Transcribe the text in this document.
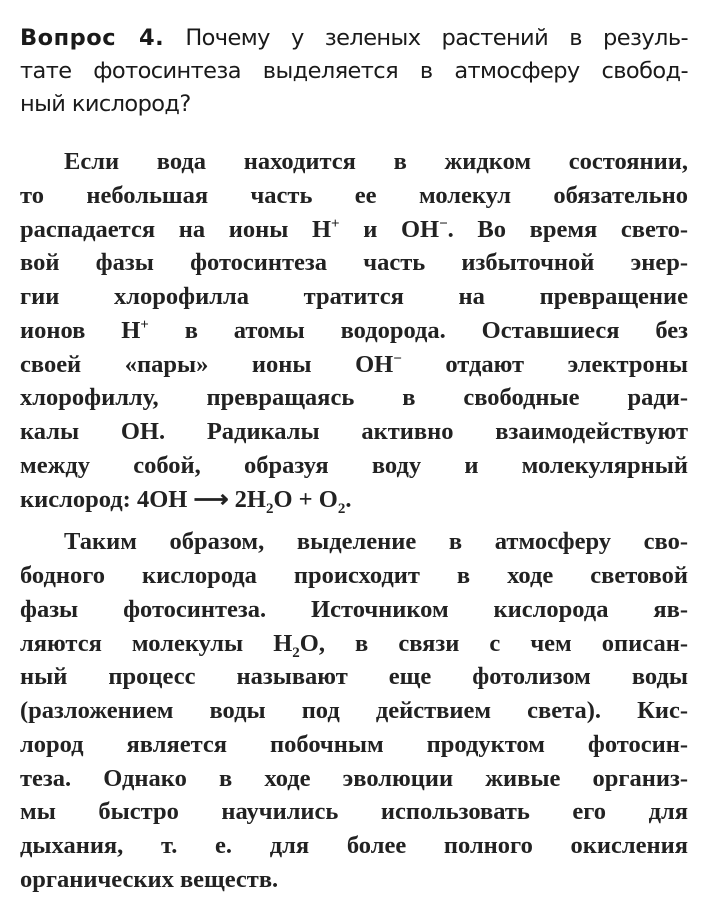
Вопрос 4. Почему у зеленых растений в резуль-
тате фотосинтеза выделяется в атмосферу свобод-
ный кислород?
Если вода находится в жидком состоянии,
то небольшая часть ее молекул обязательно
распадается на ионы H+ и OH−. Во время свето-
вой фазы фотосинтеза часть избыточной энер-
гии хлорофилла тратится на превращение
ионов H+ в атомы водорода. Оставшиеся без
своей «пары» ионы OH− отдают электроны
хлорофиллу, превращаясь в свободные ради-
калы OH. Радикалы активно взаимодействуют
между собой, образуя воду и молекулярный
кислород: 4OH ⟶ $2H_2O + O_2$.
Таким образом, выделение в атмосферу сво-
бодного кислорода происходит в ходе световой
фазы фотосинтеза. Источником кислорода яв-
ляются молекулы $H_2O$, в связи с чем описан-
ный процесс называют еще фотолизом воды
(разложением воды под действием света). Кис-
лород является побочным продуктом фотосин-
теза. Однако в ходе эволюции живые организ-
мы быстро научились использовать его для
дыхания, т. е. для более полного окисления
органических веществ.
